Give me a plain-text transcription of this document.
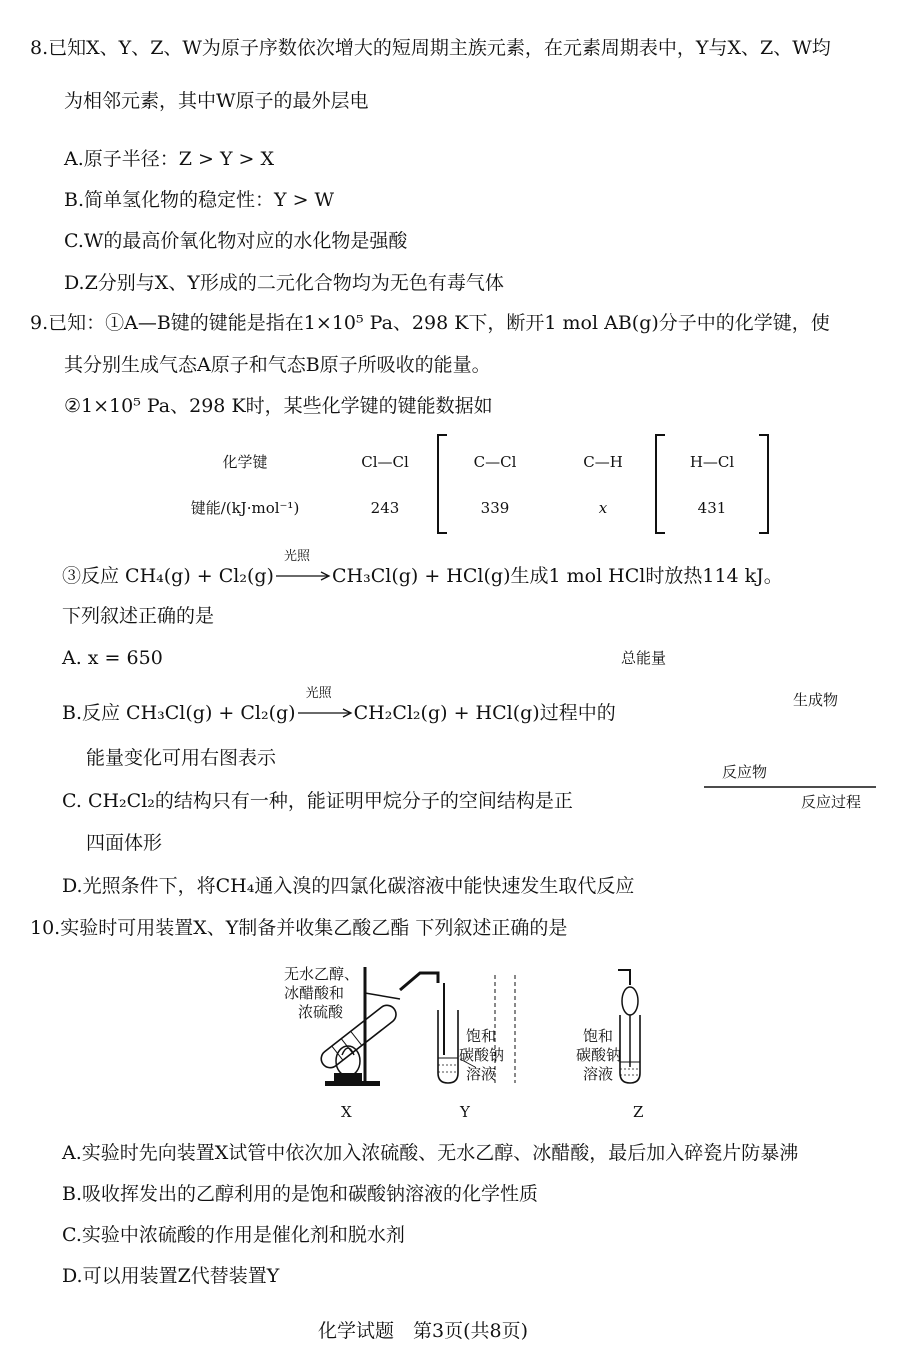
8.已知X、Y、Z、W为原子序数依次增大的短周期主族元素，在元素周期表中，Y与X、Z、W均
为相邻元素，其中W原子的最外层电
A.原子半径：Z > Y > X
B.简单氢化物的稳定性：Y > W
C.W的最高价氧化物对应的水化物是强酸
D.Z分别与X、Y形成的二元化合物均为无色有毒气体
9.已知：①A—B键的键能是指在1×10⁵ Pa、298 K下，断开1 mol AB(g)分子中的化学键，使
其分别生成气态A原子和气态B原子所吸收的能量。
②1×10⁵ Pa、298 K时，某些化学键的键能数据如
化学键
键能/(kJ·mol⁻¹)
Cl—Cl
243
C—Cl
339
C—H
x
H—Cl
431
③反应 CH₄(g) + Cl₂(g)
光照
CH₃Cl(g) + HCl(g)生成1 mol HCl时放热114 kJ。
下列叙述正确的是
A. x = 650
B.反应 CH₃Cl(g) + Cl₂(g)
光照
CH₂Cl₂(g) + HCl(g)过程中的
能量变化可用右图表示
C. CH₂Cl₂的结构只有一种，能证明甲烷分子的空间结构是正
四面体形
D.光照条件下，将CH₄通入溴的四氯化碳溶液中能快速发生取代反应
总能量
生成物
反应物
反应过程
10.实验时可用装置X、Y制备并收集乙酸乙酯 下列叙述正确的是
无水乙醇、
冰醋酸和
浓硫酸
饱和
碳酸钠
溶液
饱和
碳酸钠
溶液
X	Y	Z
A.实验时先向装置X试管中依次加入浓硫酸、无水乙醇、冰醋酸，最后加入碎瓷片防暴沸
B.吸收挥发出的乙醇利用的是饱和碳酸钠溶液的化学性质
C.实验中浓硫酸的作用是催化剂和脱水剂
D.可以用装置Z代替装置Y
化学试题　第3页(共8页)
